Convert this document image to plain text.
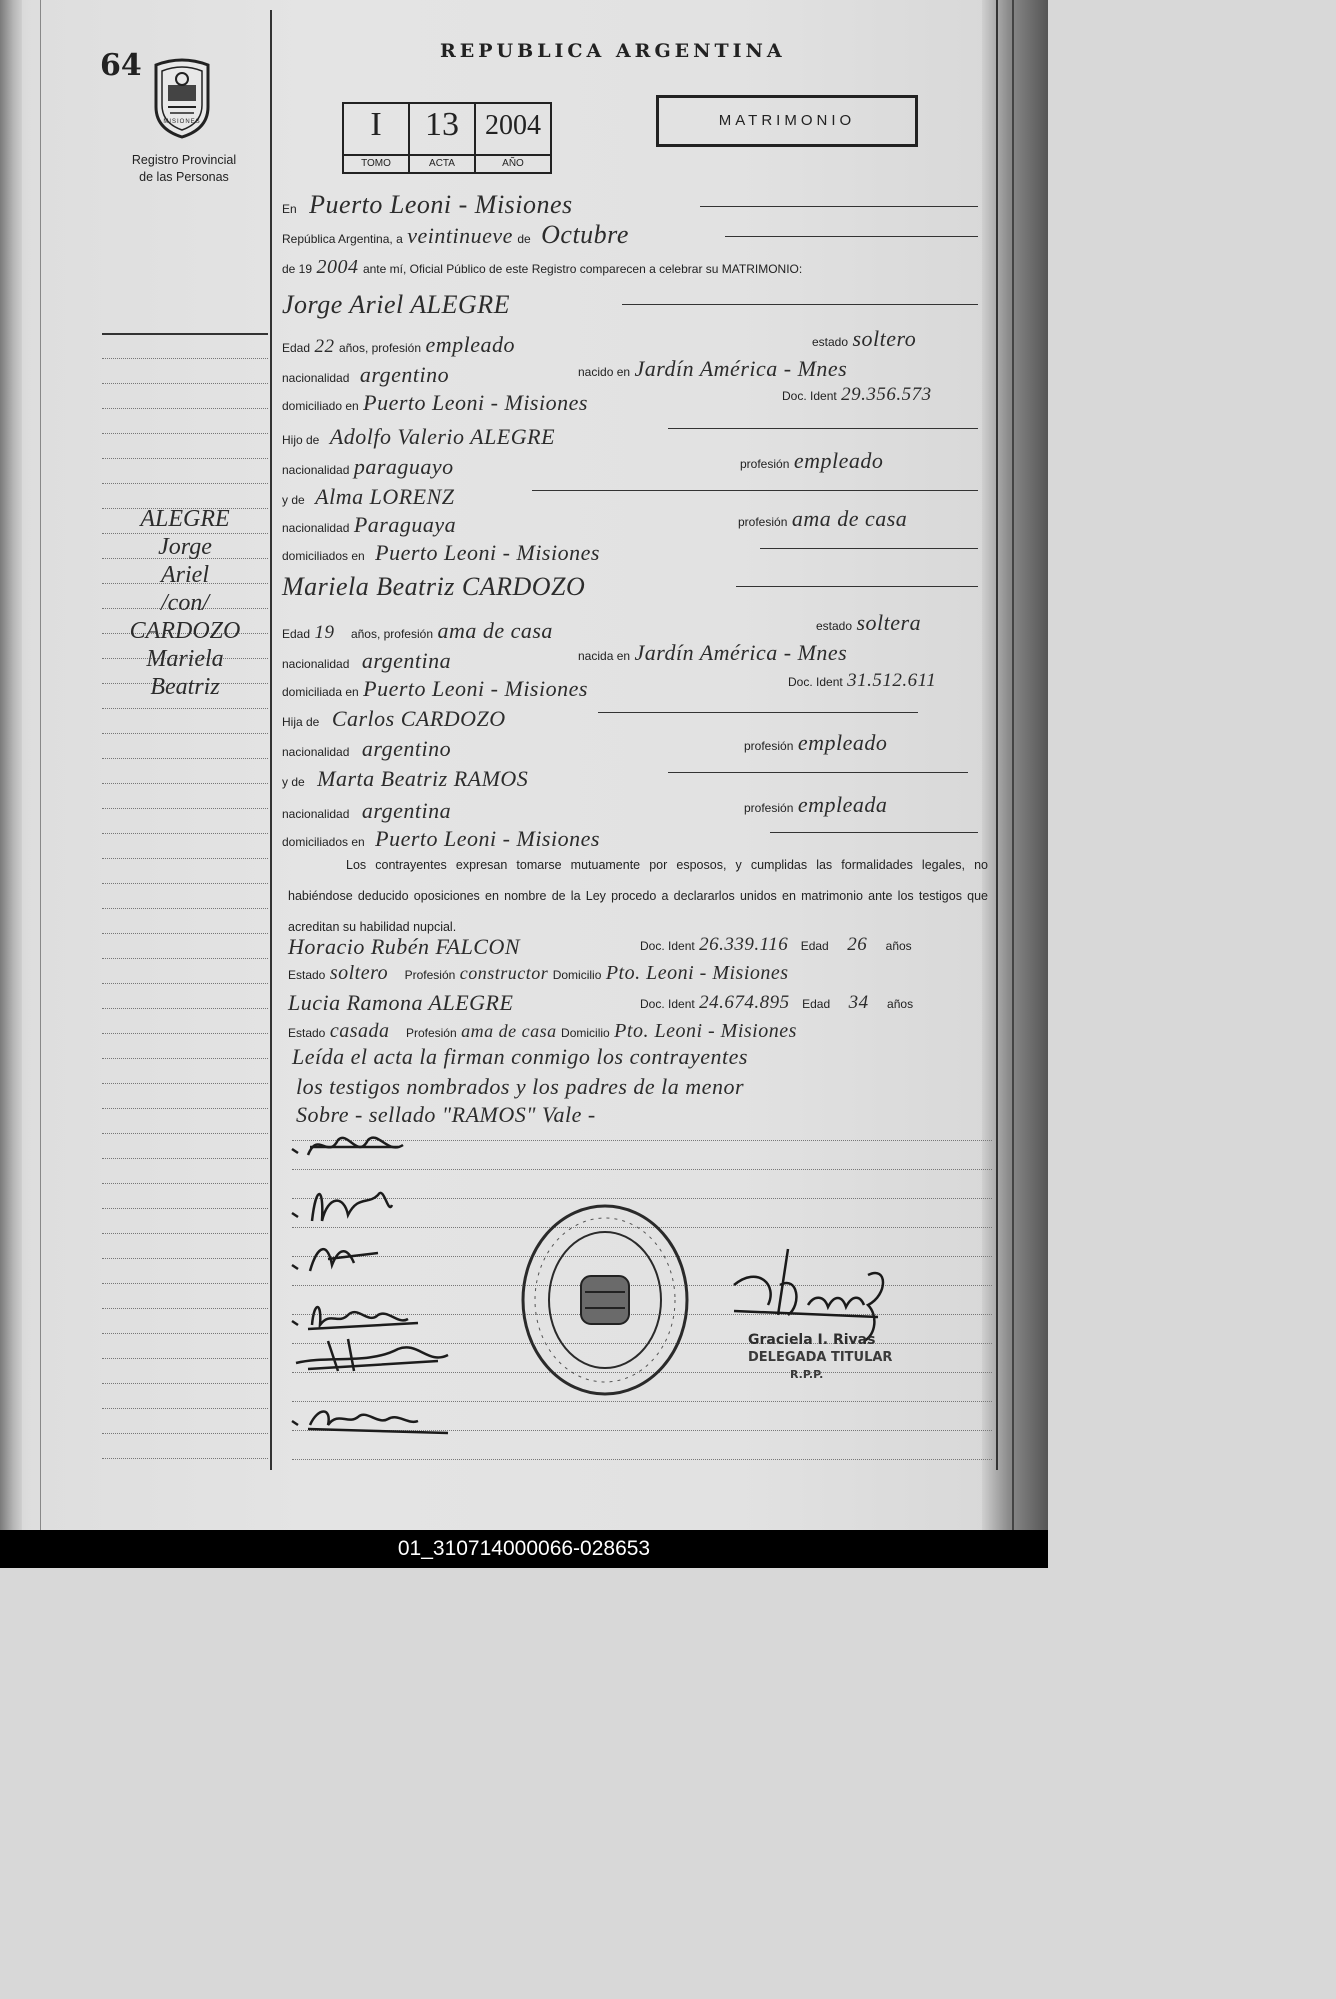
64
MISIONES
Registro Provincial
de las Personas
REPUBLICA ARGENTINA
I
TOMO
13
ACTA
2004
AÑO
MATRIMONIO
ALEGRE
Jorge
Ariel
/con/
CARDOZO
Mariela
Beatriz
En Puerto Leoni - Misiones
República Argentina, a veintinueve de Octubre
de 19 2004 ante mí, Oficial Público de este Registro comparecen a celebrar su MATRIMONIO:
Jorge Ariel ALEGRE
Edad 22 años, profesión empleado	estado soltero
nacionalidad argentino	nacido en Jardín América - Mnes
domiciliado en Puerto Leoni - Misiones	Doc. Ident 29.356.573
Hijo de Adolfo Valerio ALEGRE
nacionalidad paraguayo	profesión empleado
y de Alma LORENZ
nacionalidad Paraguaya	profesión ama de casa
domiciliados en Puerto Leoni - Misiones
Mariela Beatriz CARDOZO
Edad 19 años, profesión ama de casa	estado soltera
nacionalidad argentina	nacida en Jardín América - Mnes
domiciliada en Puerto Leoni - Misiones	Doc. Ident 31.512.611
Hija de Carlos CARDOZO
nacionalidad argentino	profesión empleado
y de Marta Beatriz RAMOS
nacionalidad argentina	profesión empleada
domiciliados en Puerto Leoni - Misiones
Los contrayentes expresan tomarse mutuamente por esposos, y cumplidas las formalidades legales, no habiéndose deducido oposiciones en nombre de la Ley procedo a declararlos unidos en matrimonio ante los testigos que acreditan su habilidad nupcial.
Horacio Rubén FALCON	Doc. Ident 26.339.116 Edad 26 años
Estado soltero Profesión constructor Domicilio Pto. Leoni - Misiones
Lucia Ramona ALEGRE	Doc. Ident 24.674.895 Edad 34 años
Estado casada Profesión ama de casa Domicilio Pto. Leoni - Misiones
Leída el acta la firman conmigo los contrayentes
los testigos nombrados y los padres de la menor
Sobre - sellado "RAMOS" Vale -
Graciela I. Rivas
DELEGADA TITULAR
R.P.P.
01_310714000066-028653
